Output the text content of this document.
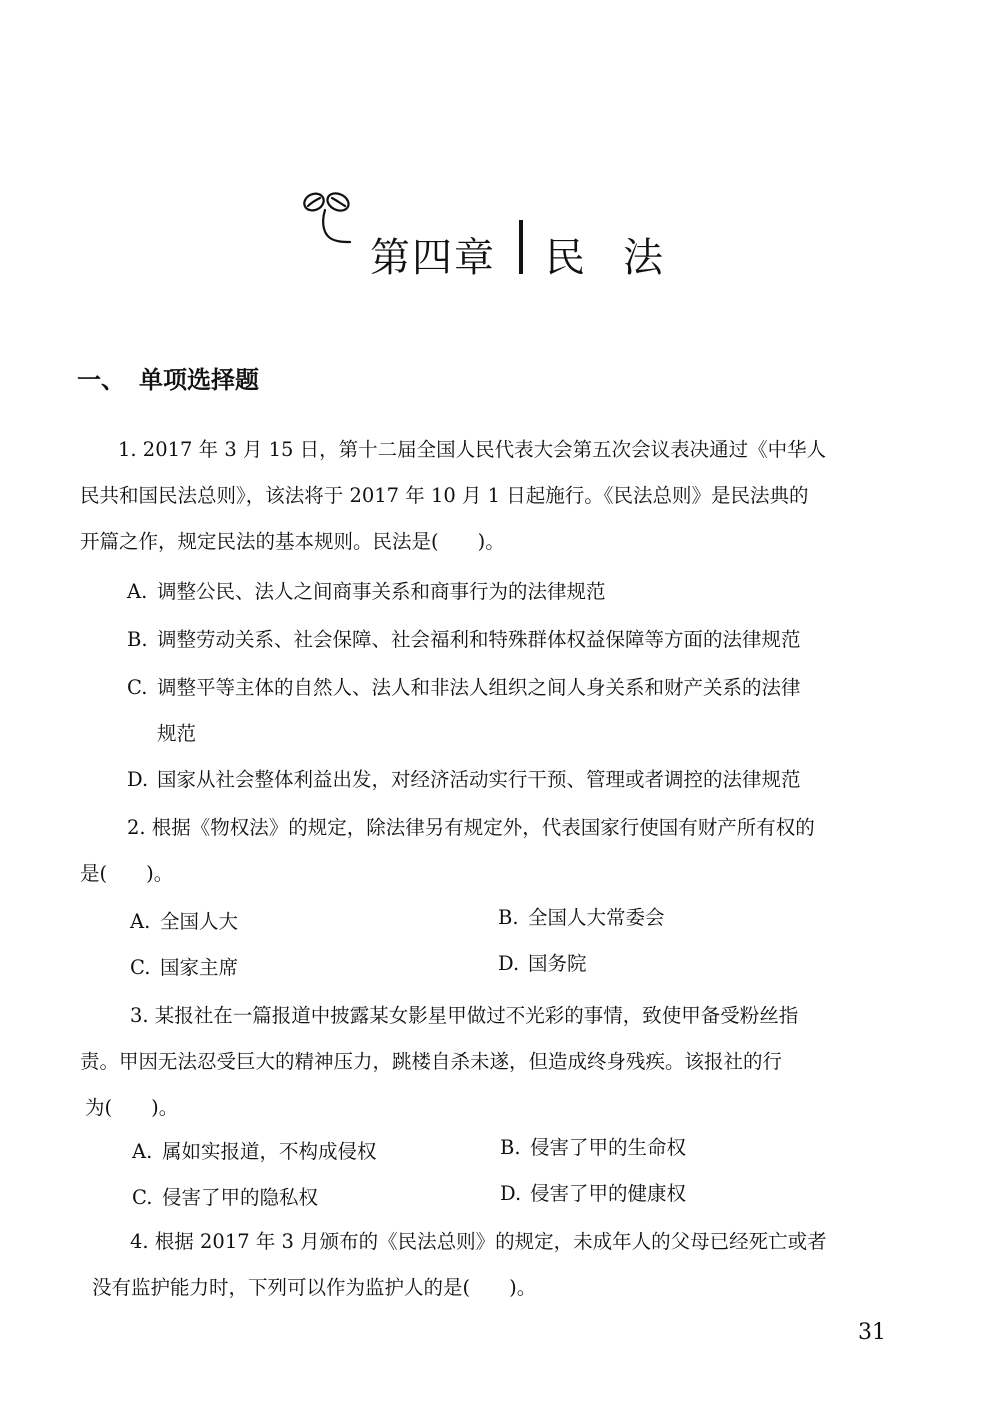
第四章 民法
一、 单项选择题
1. 2017 年 3 月 15 日，第十二届全国人民代表大会第五次会议表决通过《中华人
民共和国民法总则》，该法将于 2017 年 10 月 1 日起施行。《民法总则》是民法典的
开篇之作，规定民法的基本规则。民法是(　　)。
A. 调整公民、法人之间商事关系和商事行为的法律规范
B. 调整劳动关系、社会保障、社会福利和特殊群体权益保障等方面的法律规范
C. 调整平等主体的自然人、法人和非法人组织之间人身关系和财产关系的法律
规范
D. 国家从社会整体利益出发，对经济活动实行干预、管理或者调控的法律规范
2. 根据《物权法》的规定，除法律另有规定外，代表国家行使国有财产所有权的
是(　　)。
A. 全国人大	B. 全国人大常委会
C. 国家主席	D. 国务院
3. 某报社在一篇报道中披露某女影星甲做过不光彩的事情，致使甲备受粉丝指
责。甲因无法忍受巨大的精神压力，跳楼自杀未遂，但造成终身残疾。该报社的行
为(　　)。
A. 属如实报道，不构成侵权	B. 侵害了甲的生命权
C. 侵害了甲的隐私权	D. 侵害了甲的健康权
4. 根据 2017 年 3 月颁布的《民法总则》的规定，未成年人的父母已经死亡或者
没有监护能力时，下列可以作为监护人的是(　　)。
31
